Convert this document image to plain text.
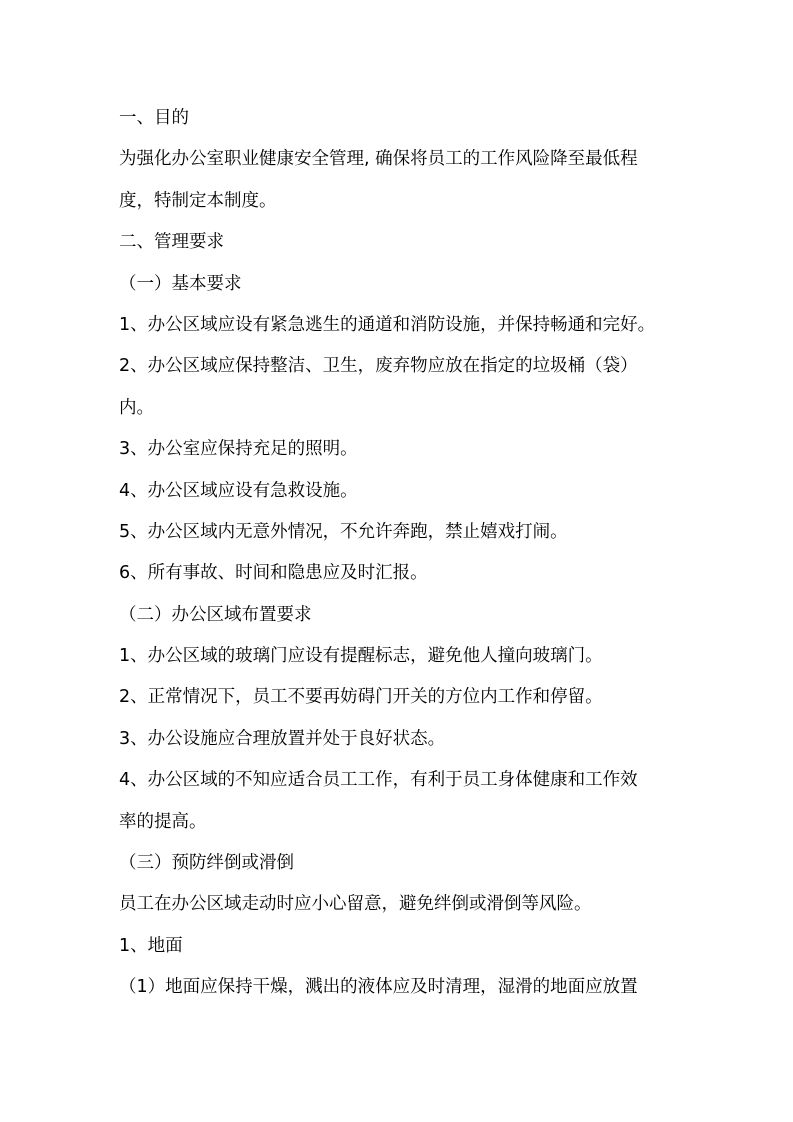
一、目的
为强化办公室职业健康安全管理, 确保将员工的工作风险降至最低程
度，特制定本制度。
二、管理要求
（一）基本要求
1、办公区域应设有紧急逃生的通道和消防设施，并保持畅通和完好。
2、办公区域应保持整洁、卫生，废弃物应放在指定的垃圾桶（袋）
内。
3、办公室应保持充足的照明。
4、办公区域应设有急救设施。
5、办公区域内无意外情况，不允许奔跑，禁止嬉戏打闹。
6、所有事故、时间和隐患应及时汇报。
（二）办公区域布置要求
1、办公区域的玻璃门应设有提醒标志，避免他人撞向玻璃门。
2、正常情况下，员工不要再妨碍门开关的方位内工作和停留。
3、办公设施应合理放置并处于良好状态。
4、办公区域的不知应适合员工工作，有利于员工身体健康和工作效
率的提高。
（三）预防绊倒或滑倒
员工在办公区域走动时应小心留意，避免绊倒或滑倒等风险。
1、地面
（1）地面应保持干燥，溅出的液体应及时清理，湿滑的地面应放置
